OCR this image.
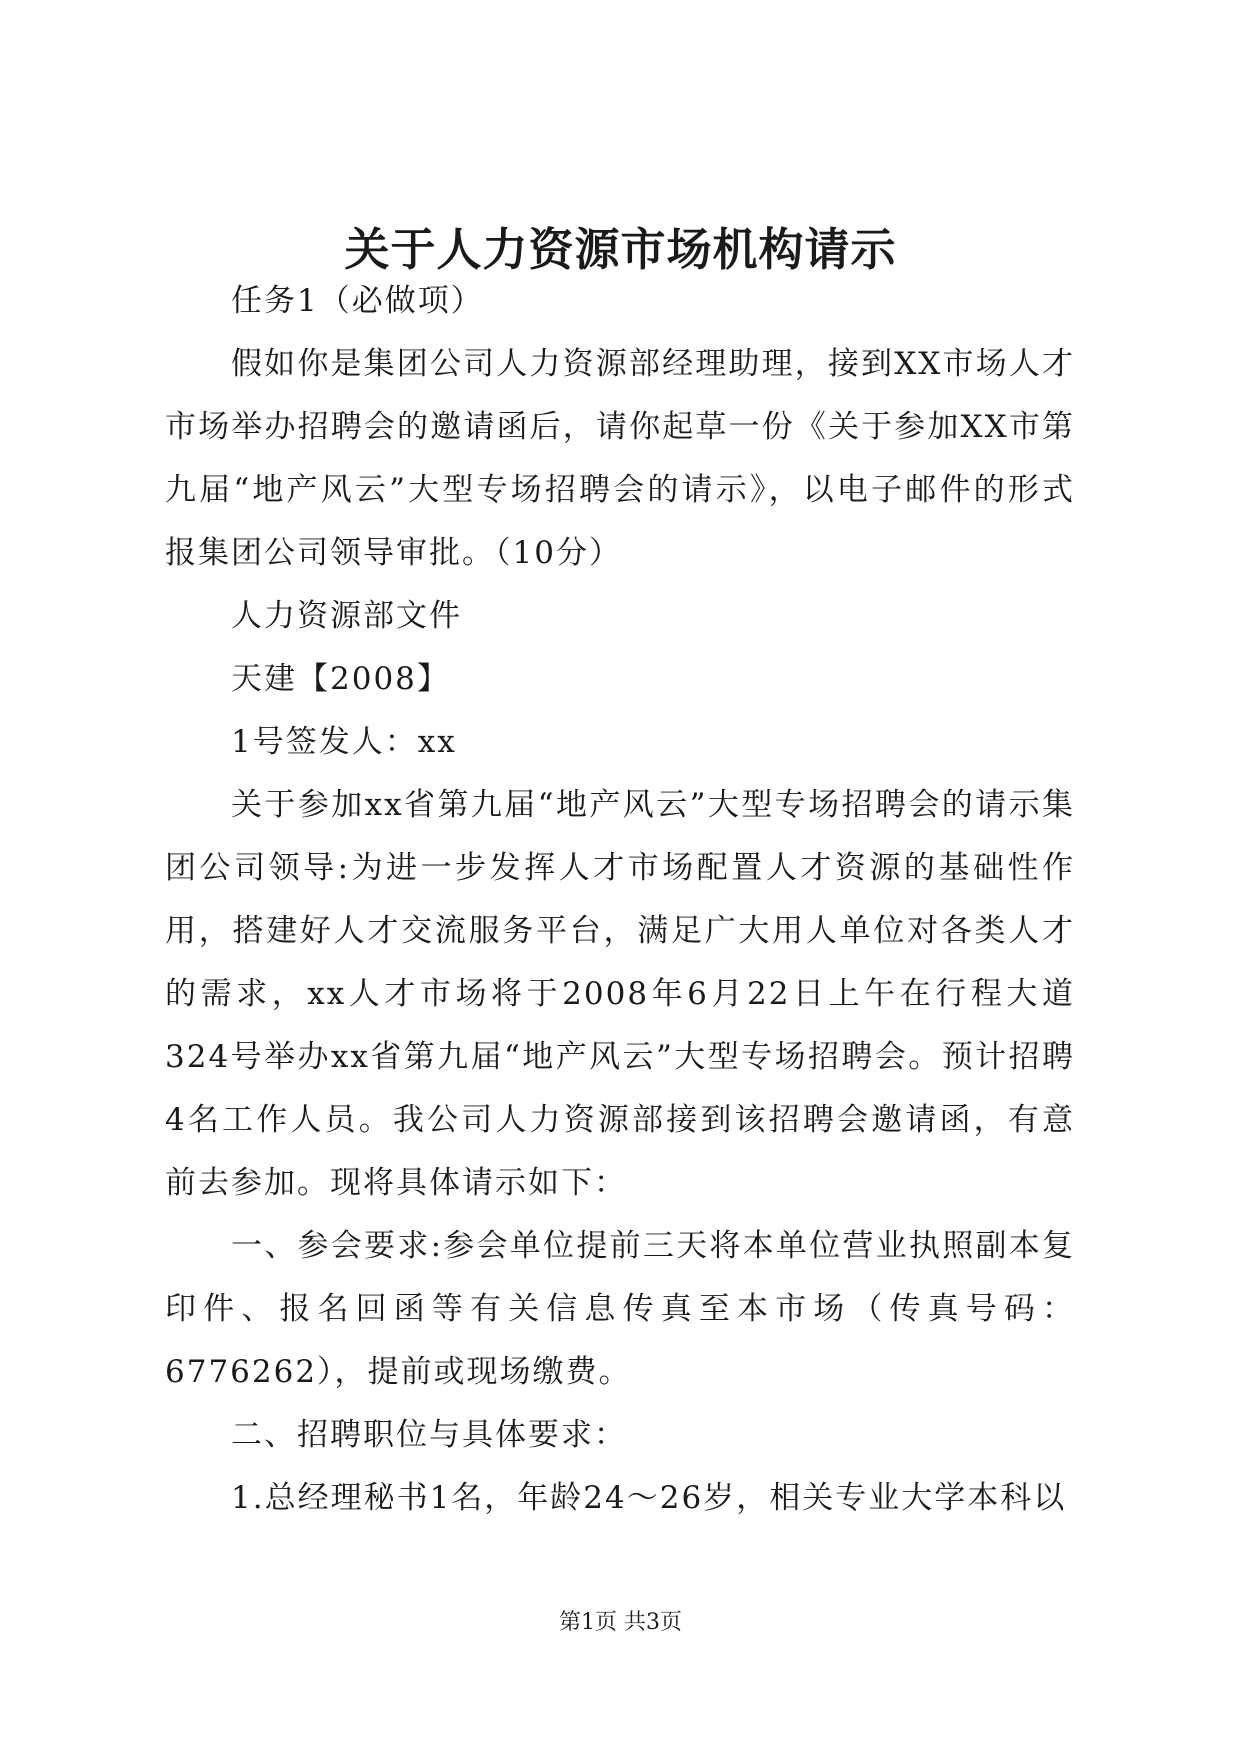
关于人力资源市场机构请示

任务1（必做项）

假如你是集团公司人力资源部经理助理，接到XX市场人才市场举办招聘会的邀请函后，请你起草一份《关于参加XX市第九届“地产风云”大型专场招聘会的请示》，以电子邮件的形式报集团公司领导审批。（10分）

人力资源部文件

天建【2008】

1号签发人：xx

关于参加xx省第九届“地产风云”大型专场招聘会的请示集团公司领导:为进一步发挥人才市场配置人才资源的基础性作用，搭建好人才交流服务平台，满足广大用人单位对各类人才的需求，xx人才市场将于2008年6月22日上午在行程大道324号举办xx省第九届“地产风云”大型专场招聘会。预计招聘4名工作人员。我公司人力资源部接到该招聘会邀请函，有意前去参加。现将具体请示如下：

一、参会要求:参会单位提前三天将本单位营业执照副本复印件、报名回函等有关信息传真至本市场（传真号码：6776262），提前或现场缴费。

二、招聘职位与具体要求：

1.总经理秘书1名，年龄24～26岁，相关专业大学本科以

第1页 共3页
